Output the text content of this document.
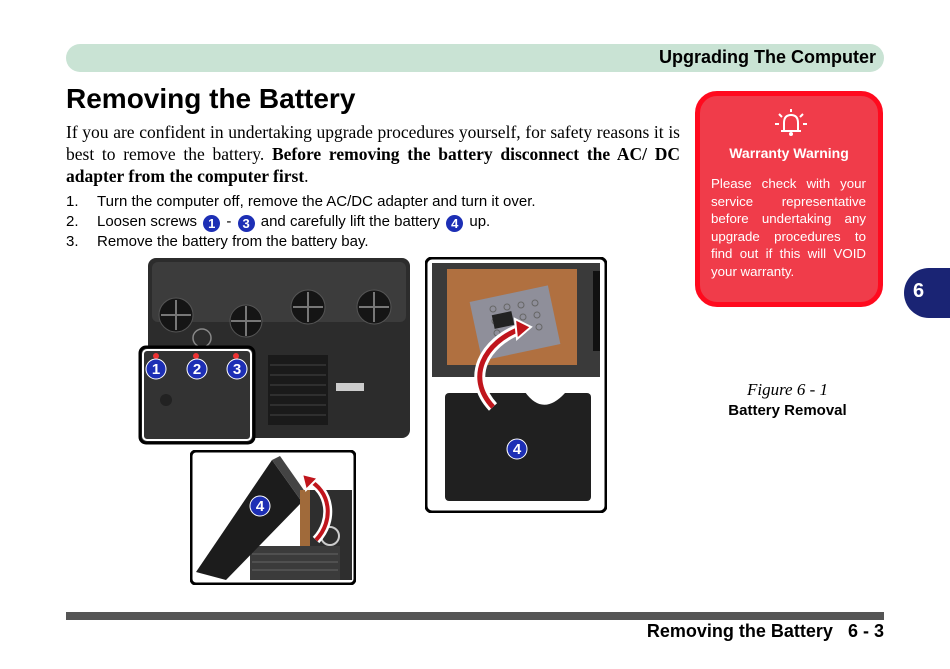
Upgrading The Computer
Removing the Battery
If you are confident in undertaking upgrade procedures yourself, for safety reasons it is best to remove the battery. Before removing the battery disconnect the AC/ DC adapter from the computer first.
1.	Turn the computer off, remove the AC/DC adapter and turn it over.
2.	Loosen screws 1 - 3 and carefully lift the battery 4 up.
3.	Remove the battery from the battery bay.
1 2 3
4
4
Warranty Warning
Please check with your service representative before undertaking any upgrade procedures to find out if this will VOID your warranty.
6
Figure 6 - 1
Battery Removal
Removing the Battery 6 - 3
